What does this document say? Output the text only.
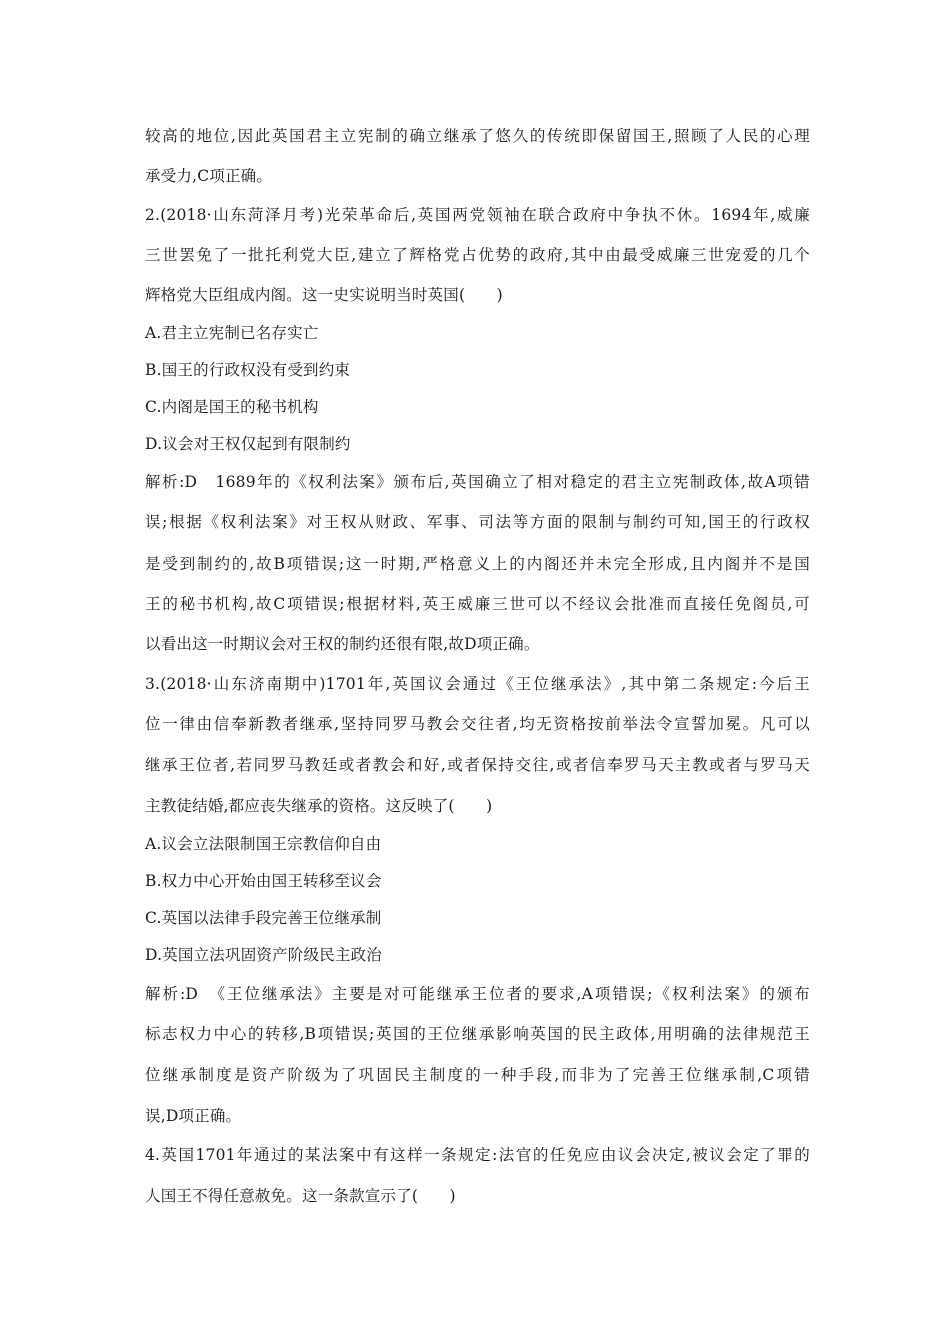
较高的地位,因此英国君主立宪制的确立继承了悠久的传统即保留国王,照顾了人民的心理
承受力,C项正确。
2.(2018·山东菏泽月考)光荣革命后,英国两党领袖在联合政府中争执不休。1694年,威廉
三世罢免了一批托利党大臣,建立了辉格党占优势的政府,其中由最受威廉三世宠爱的几个
辉格党大臣组成内阁。这一史实说明当时英国(　　)
A.君主立宪制已名存实亡
B.国王的行政权没有受到约束
C.内阁是国王的秘书机构
D.议会对王权仅起到有限制约
解析:D　1689年的《权利法案》颁布后,英国确立了相对稳定的君主立宪制政体,故A项错
误;根据《权利法案》对王权从财政、军事、司法等方面的限制与制约可知,国王的行政权
是受到制约的,故B项错误;这一时期,严格意义上的内阁还并未完全形成,且内阁并不是国
王的秘书机构,故C项错误;根据材料,英王威廉三世可以不经议会批准而直接任免阁员,可
以看出这一时期议会对王权的制约还很有限,故D项正确。
3.(2018·山东济南期中)1701年,英国议会通过《王位继承法》,其中第二条规定:今后王
位一律由信奉新教者继承,坚持同罗马教会交往者,均无资格按前举法令宣誓加冕。凡可以
继承王位者,若同罗马教廷或者教会和好,或者保持交往,或者信奉罗马天主教或者与罗马天
主教徒结婚,都应丧失继承的资格。这反映了(　　)
A.议会立法限制国王宗教信仰自由
B.权力中心开始由国王转移至议会
C.英国以法律手段完善王位继承制
D.英国立法巩固资产阶级民主政治
解析:D　《王位继承法》主要是对可能继承王位者的要求,A项错误;《权利法案》的颁布
标志权力中心的转移,B项错误;英国的王位继承影响英国的民主政体,用明确的法律规范王
位继承制度是资产阶级为了巩固民主制度的一种手段,而非为了完善王位继承制,C项错
误,D项正确。
4.英国1701年通过的某法案中有这样一条规定:法官的任免应由议会决定,被议会定了罪的
人国王不得任意赦免。这一条款宣示了(　　)
